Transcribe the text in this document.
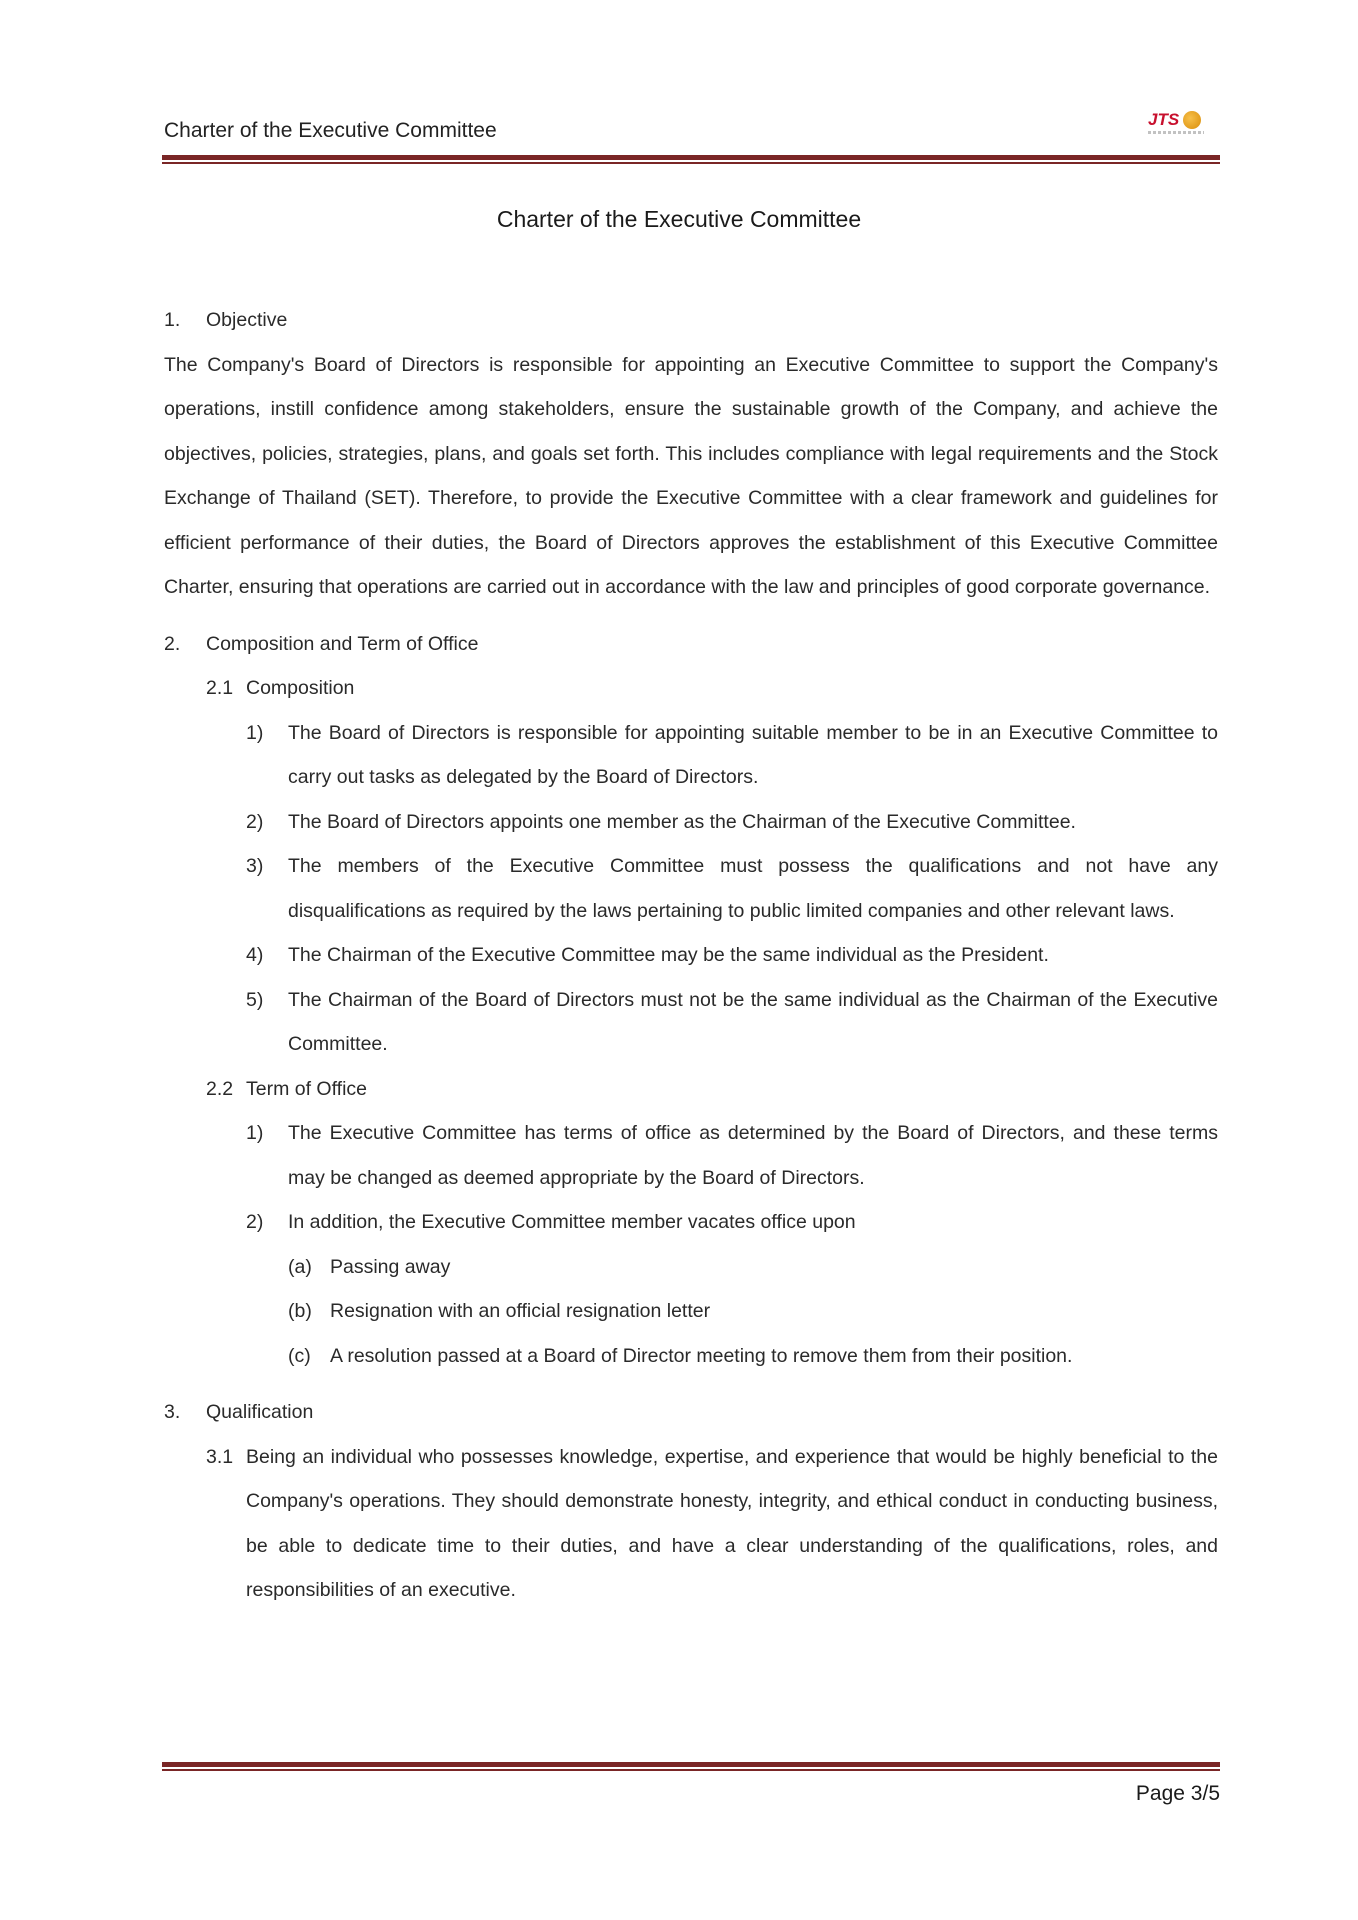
Charter of the Executive Committee	JTS
Charter of the Executive Committee
1.	Objective

The Company's Board of Directors is responsible for appointing an Executive Committee to support the Company's operations, instill confidence among stakeholders, ensure the sustainable growth of the Company, and achieve the objectives, policies, strategies, plans, and goals set forth. This includes compliance with legal requirements and the Stock Exchange of Thailand (SET). Therefore, to provide the Executive Committee with a clear framework and guidelines for efficient performance of their duties, the Board of Directors approves the establishment of this Executive Committee Charter, ensuring that operations are carried out in accordance with the law and principles of good corporate governance.

2.	Composition and Term of Office
2.1 Composition
1)	The Board of Directors is responsible for appointing suitable member to be in an Executive Committee to carry out tasks as delegated by the Board of Directors.
2)	The Board of Directors appoints one member as the Chairman of the Executive Committee.
3)	The members of the Executive Committee must possess the qualifications and not have any disqualifications as required by the laws pertaining to public limited companies and other relevant laws.
4)	The Chairman of the Executive Committee may be the same individual as the President.
5)	The Chairman of the Board of Directors must not be the same individual as the Chairman of the Executive Committee.
2.2 Term of Office
1)	The Executive Committee has terms of office as determined by the Board of Directors, and these terms may be changed as deemed appropriate by the Board of Directors.
2)	In addition, the Executive Committee member vacates office upon
(a) Passing away
(b) Resignation with an official resignation letter
(c) A resolution passed at a Board of Director meeting to remove them from their position.
3.	Qualification
3.1 Being an individual who possesses knowledge, expertise, and experience that would be highly beneficial to the Company's operations. They should demonstrate honesty, integrity, and ethical conduct in conducting business, be able to dedicate time to their duties, and have a clear understanding of the qualifications, roles, and responsibilities of an executive.
Page 3/5
